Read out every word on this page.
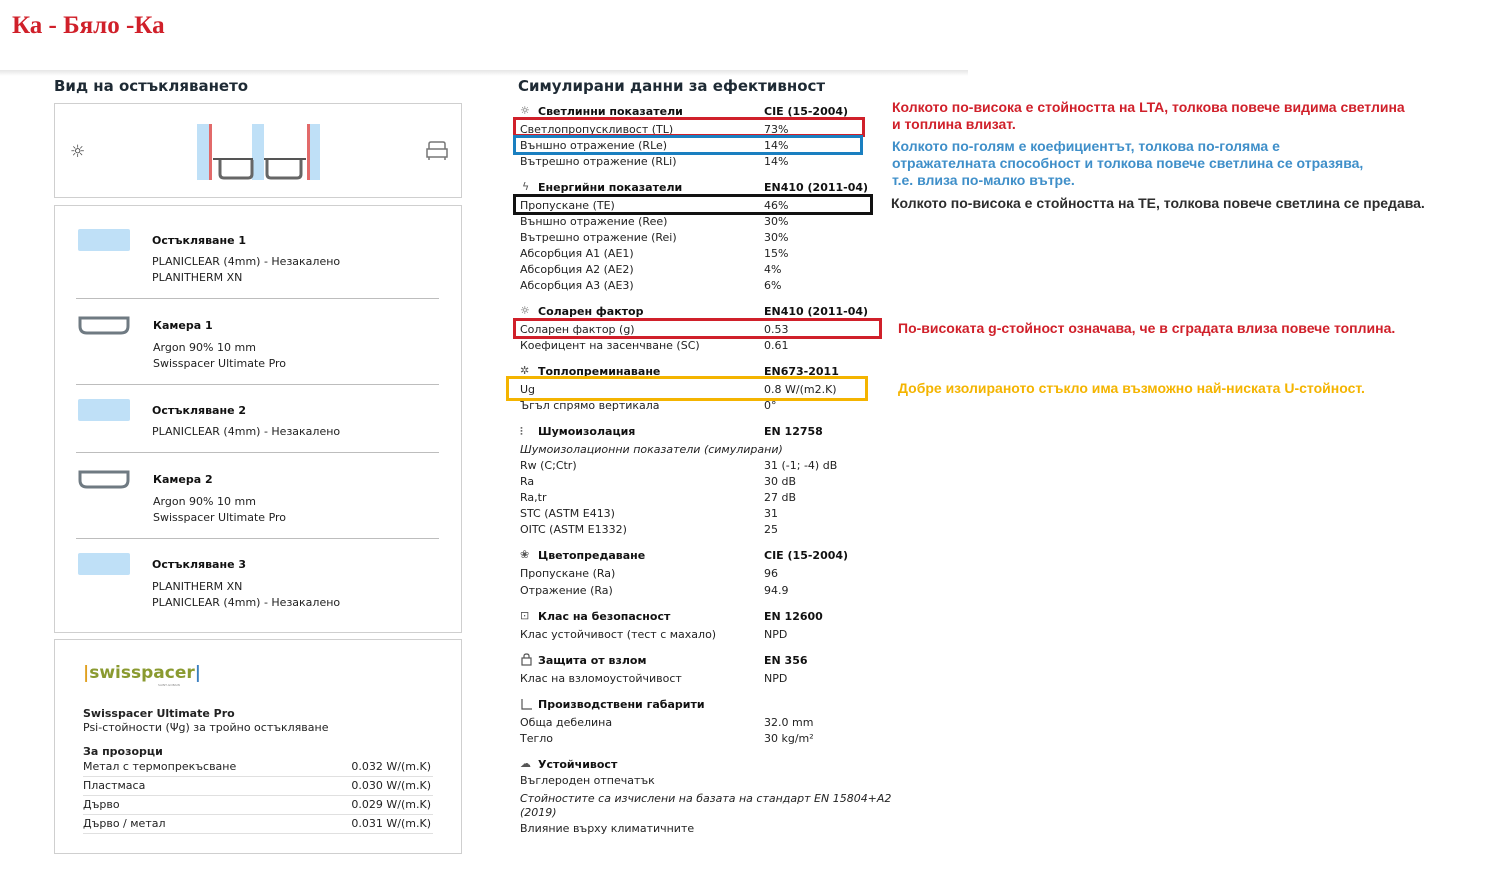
Ка - Бяло -Ка
Вид на остъкляването
☼
Остъкляване 1
PLANICLEAR (4mm) - Незакалено
PLANITHERM XN
Камера 1
Argon 90% 10 mm
Swisspacer Ultimate Pro
Остъкляване 2
PLANICLEAR (4mm) - Незакалено
Камера 2
Argon 90% 10 mm
Swisspacer Ultimate Pro
Остъкляване 3
PLANITHERM XN
PLANICLEAR (4mm) - Незакалено
|swisspacer|
SAINT-GOBAIN
Swisspacer Ultimate Pro
Psi-стойности (Ψg) за тройно остъкляване
За прозорци
Метал с термопрекъсване	0.032 W/(m.K)
Пластмаса	0.030 W/(m.K)
Дърво	0.029 W/(m.K)
Дърво / метал	0.031 W/(m.K)
Симулирани данни за ефективност
☼ Светлинни показатели	CIE (15-2004)
Светлопропускливост (TL)	73%
Външно отражение (RLe)	14%
Вътрешно отражение (RLi)	14%
ϟ Енергийни показатели	EN410 (2011-04)
Пропускане (TE)	46%
Външно отражение (Ree)	30%
Вътрешно отражение (Rei)	30%
Абсорбция A1 (AE1)	15%
Абсорбция A2 (AE2)	4%
Абсорбция A3 (AE3)	6%
☼ Соларен фактор	EN410 (2011-04)
Соларен фактор (g)	0.53
Коефицент на засенчване (SC)	0.61
✲ Топлопреминаване	EN673-2011
Ug	0.8 W/(m2.K)
Ъгъл спрямо вертикала	0°
⫶ Шумоизолация	EN 12758
Шумоизолационни показатели (симулирани)
Rw (C;Ctr)	31 (-1; -4) dB
Ra	30 dB
Ra,tr	27 dB
STC (ASTM E413)	31
OITC (ASTM E1332)	25
❀ Цветопредаване	CIE (15-2004)
Пропускане (Ra)	96
Отражение (Ra)	94.9
⊡ Клас на безопасност	EN 12600
Клас устойчивост (тест с махало)	NPD
Защита от взлом	EN 356
Клас на взломоустойчивост	NPD
Производствени габарити
Обща дебелина	32.0 mm
Тегло	30 kg/m²
☁ Устойчивост
Въглероден отпечатък
Стойностите са изчислени на базата на стандарт EN 15804+A2 (2019)
Влияние върху климатичните
Колкото по-висока е стойността на LTA, толкова повече видима светлина и топлина влизат.
Колкото по-голям е коефициентът, толкова по-голяма е отражателната способност и толкова повече светлина се отразява, т.е. влиза по-малко вътре.
Колкото по-висока е стойността на TE, толкова повече светлина се предава.
По-високата g-стойност означава, че в сградата влиза повече топлина.
Добре изолираното стъкло има възможно най-ниската U-стойност.
